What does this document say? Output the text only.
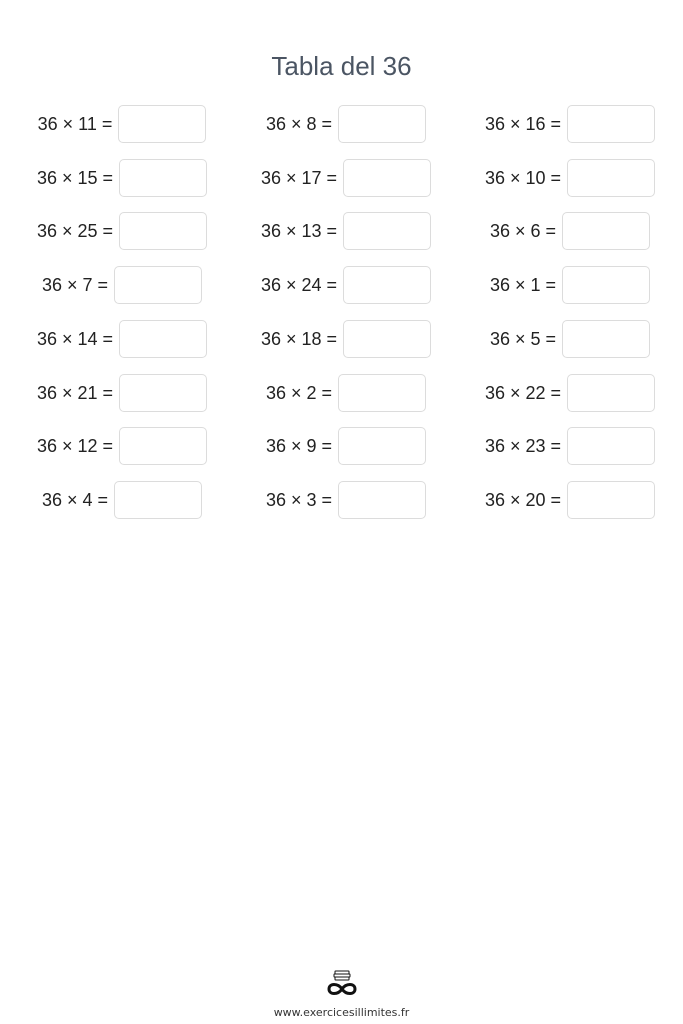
Tabla del 36
36 × 11 =	36 × 8 =	36 × 16 =
36 × 15 =	36 × 17 =	36 × 10 =
36 × 25 =	36 × 13 =	36 × 6 =
36 × 7 =	36 × 24 =	36 × 1 =
36 × 14 =	36 × 18 =	36 × 5 =
36 × 21 =	36 × 2 =	36 × 22 =
36 × 12 =	36 × 9 =	36 × 23 =
36 × 4 =	36 × 3 =	36 × 20 =
www.exercicesillimites.fr
